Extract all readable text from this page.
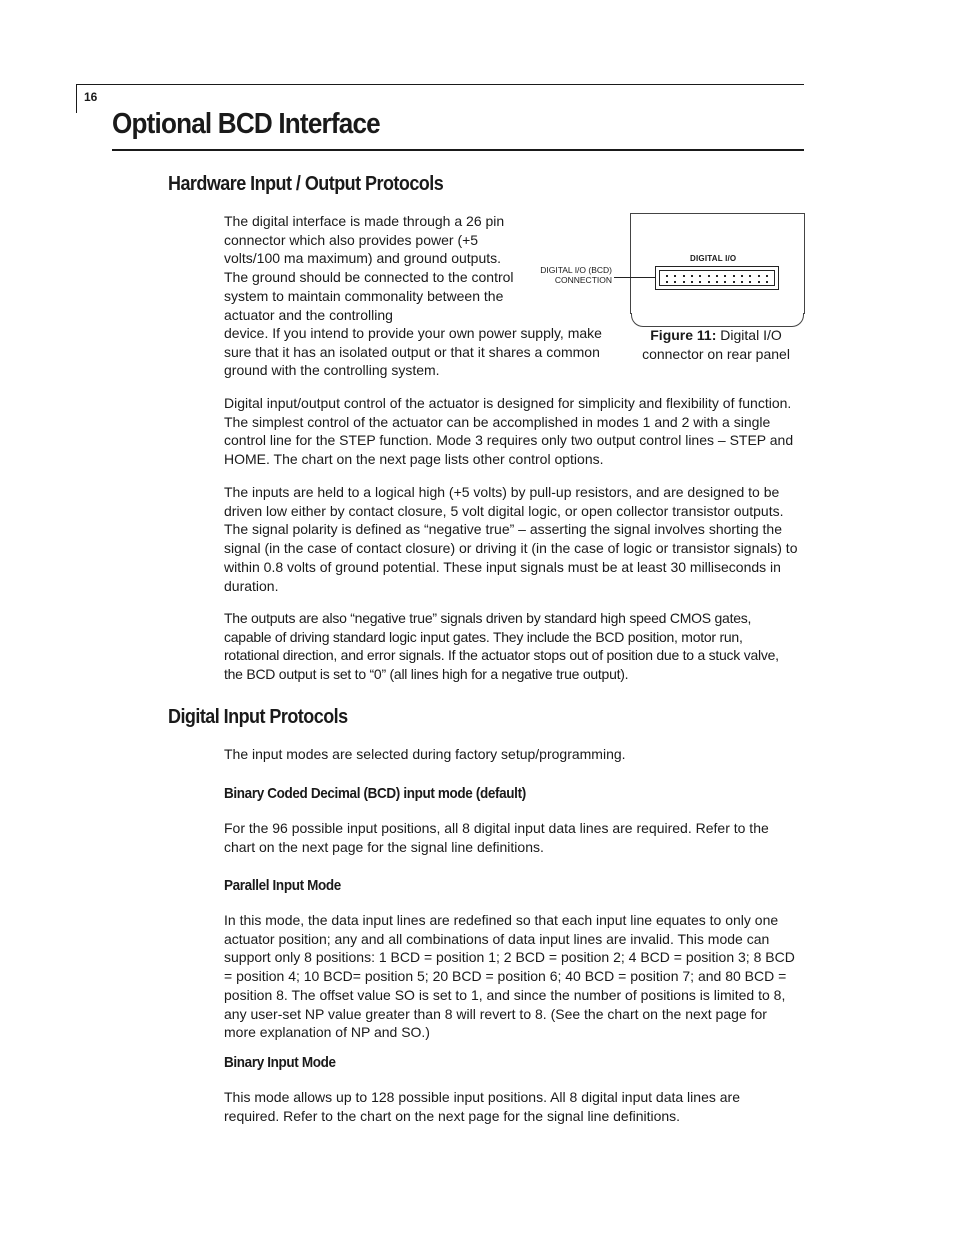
16
Optional BCD Interface
Hardware Input / Output Protocols
The digital interface is made through a 26 pin connector which also provides power (+5 volts/100 ma maximum) and ground outputs. The ground should be connected to the control system to maintain commonality between the actuator and the controlling
device. If you intend to provide your own power supply, make sure that it has an isolated output or that it shares a common ground with the controlling system.
DIGITAL I/O
DIGITAL I/O (BCD)
CONNECTION
Figure 11: Digital I/O connector on rear panel
Digital input/output control of the actuator is designed for simplicity and flexibility of function. The simplest control of the actuator can be accomplished in modes 1 and 2 with a single control line for the STEP function. Mode 3 requires only two output control lines – STEP and HOME. The chart on the next page lists other control options.
The inputs are held to a logical high (+5 volts) by pull-up resistors, and are designed to be driven low either by contact closure, 5 volt digital logic, or open collector transistor outputs. The signal polarity is defined as “negative true” – asserting the signal involves shorting the signal (in the case of contact closure) or driving it (in the case of logic or transistor signals) to within 0.8 volts of ground potential. These input signals must be at least 30 milliseconds in duration.
The outputs are also “negative true” signals driven by standard high speed CMOS gates, capable of driving standard logic input gates. They include the BCD position, motor run, rotational direction, and error signals. If the actuator stops out of position due to a stuck valve, the BCD output is set to “0” (all lines high for a negative true output).
Digital Input Protocols
The input modes are selected during factory setup/programming.
Binary Coded Decimal (BCD) input mode (default)
For the 96 possible input positions, all 8 digital input data lines are required. Refer to the chart on the next page for the signal line definitions.
Parallel Input Mode
In this mode, the data input lines are redefined so that each input line equates to only one actuator position; any and all combinations of data input lines are invalid. This mode can support only 8 positions: 1 BCD = position 1; 2 BCD = position 2; 4 BCD = position 3; 8 BCD = position 4; 10 BCD= position 5; 20 BCD = position 6; 40 BCD = position 7; and 80 BCD = position 8. The offset value SO is set to 1, and since the number of positions is limited to 8, any user-set NP value greater than 8 will revert to 8. (See the chart on the next page for more explanation of NP and SO.)
Binary Input Mode
This mode allows up to 128 possible input positions. All 8 digital input data lines are required. Refer to the chart on the next page for the signal line definitions.
